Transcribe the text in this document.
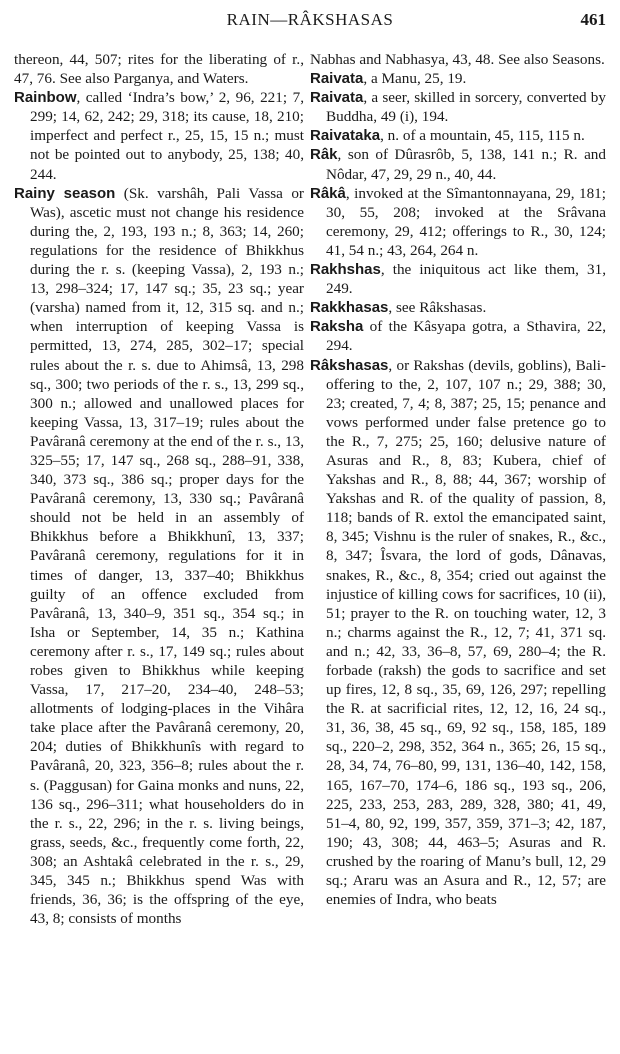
RAIN—RÂKSHASAS	461
thereon, 44, 507; rites for the liberating of r., 47, 76. See also Parganya, and Waters.
Rainbow, called ‘Indra’s bow,’ 2, 96, 221; 7, 299; 14, 62, 242; 29, 318; its cause, 18, 210; imperfect and perfect r., 25, 15, 15 n.; must not be pointed out to anybody, 25, 138; 40, 244.
Rainy season (Sk. varshâh, Pali Vassa or Was), ascetic must not change his residence during the, 2, 193, 193 n.; 8, 363; 14, 260; regulations for the residence of Bhikkhus during the r. s. (keeping Vassa), 2, 193 n.; 13, 298–324; 17, 147 sq.; 35, 23 sq.; year (varsha) named from it, 12, 315 sq. and n.; when interruption of keeping Vassa is permitted, 13, 274, 285, 302–17; special rules about the r. s. due to Ahimsâ, 13, 298 sq., 300; two periods of the r. s., 13, 299 sq., 300 n.; allowed and unallowed places for keeping Vassa, 13, 317–19; rules about the Pavâranâ ceremony at the end of the r. s., 13, 325–55; 17, 147 sq., 268 sq., 288–91, 338, 340, 373 sq., 386 sq.; proper days for the Pavâranâ ceremony, 13, 330 sq.; Pavâranâ should not be held in an assembly of Bhikkhus before a Bhikkhunî, 13, 337; Pavâranâ ceremony, regulations for it in times of danger, 13, 337–40; Bhikkhus guilty of an offence excluded from Pavâranâ, 13, 340–9, 351 sq., 354 sq.; in Isha or September, 14, 35 n.; Kathina ceremony after r. s., 17, 149 sq.; rules about robes given to Bhikkhus while keeping Vassa, 17, 217–20, 234–40, 248–53; allotments of lodging-places in the Vihâra take place after the Pavâranâ ceremony, 20, 204; duties of Bhikkhunîs with regard to Pavâranâ, 20, 323, 356–8; rules about the r. s. (Paggusan) for Gaina monks and nuns, 22, 136 sq., 296–311; what householders do in the r. s., 22, 296; in the r. s. living beings, grass, seeds, &c., frequently come forth, 22, 308; an Ashtakâ celebrated in the r. s., 29, 345, 345 n.; Bhikkhus spend Was with friends, 36, 36; is the offspring of the eye, 43, 8; consists of months
Nabhas and Nabhasya, 43, 48. See also Seasons.
Raivata, a Manu, 25, 19.
Raivata, a seer, skilled in sorcery, converted by Buddha, 49 (i), 194.
Raivataka, n. of a mountain, 45, 115, 115 n.
Râk, son of Dûrasrôb, 5, 138, 141 n.; R. and Nôdar, 47, 29, 29 n., 40, 44.
Râkâ, invoked at the Sîmantonnayana, 29, 181; 30, 55, 208; invoked at the Srâvana ceremony, 29, 412; offerings to R., 30, 124; 41, 54 n.; 43, 264, 264 n.
Rakhshas, the iniquitous act like them, 31, 249.
Rakkhasas, see Râkshasas.
Raksha of the Kâsyapa gotra, a Sthavira, 22, 294.
Râkshasas, or Rakshas (devils, goblins), Bali-offering to the, 2, 107, 107 n.; 29, 388; 30, 23; created, 7, 4; 8, 387; 25, 15; penance and vows performed under false pretence go to the R., 7, 275; 25, 160; delusive nature of Asuras and R., 8, 83; Kubera, chief of Yakshas and R., 8, 88; 44, 367; worship of Yakshas and R. of the quality of passion, 8, 118; bands of R. extol the emancipated saint, 8, 345; Vishnu is the ruler of snakes, R., &c., 8, 347; Îsvara, the lord of gods, Dânavas, snakes, R., &c., 8, 354; cried out against the injustice of killing cows for sacrifices, 10 (ii), 51; prayer to the R. on touching water, 12, 3 n.; charms against the R., 12, 7; 41, 371 sq. and n.; 42, 33, 36–8, 57, 69, 280–4; the R. forbade (raksh) the gods to sacrifice and set up fires, 12, 8 sq., 35, 69, 126, 297; repelling the R. at sacrificial rites, 12, 12, 16, 24 sq., 31, 36, 38, 45 sq., 69, 92 sq., 158, 185, 189 sq., 220–2, 298, 352, 364 n., 365; 26, 15 sq., 28, 34, 74, 76–80, 99, 131, 136–40, 142, 158, 165, 167–70, 174–6, 186 sq., 193 sq., 206, 225, 233, 253, 283, 289, 328, 380; 41, 49, 51–4, 80, 92, 199, 357, 359, 371–3; 42, 187, 190; 43, 308; 44, 463–5; Asuras and R. crushed by the roaring of Manu’s bull, 12, 29 sq.; Araru was an Asura and R., 12, 57; are enemies of Indra, who beats
